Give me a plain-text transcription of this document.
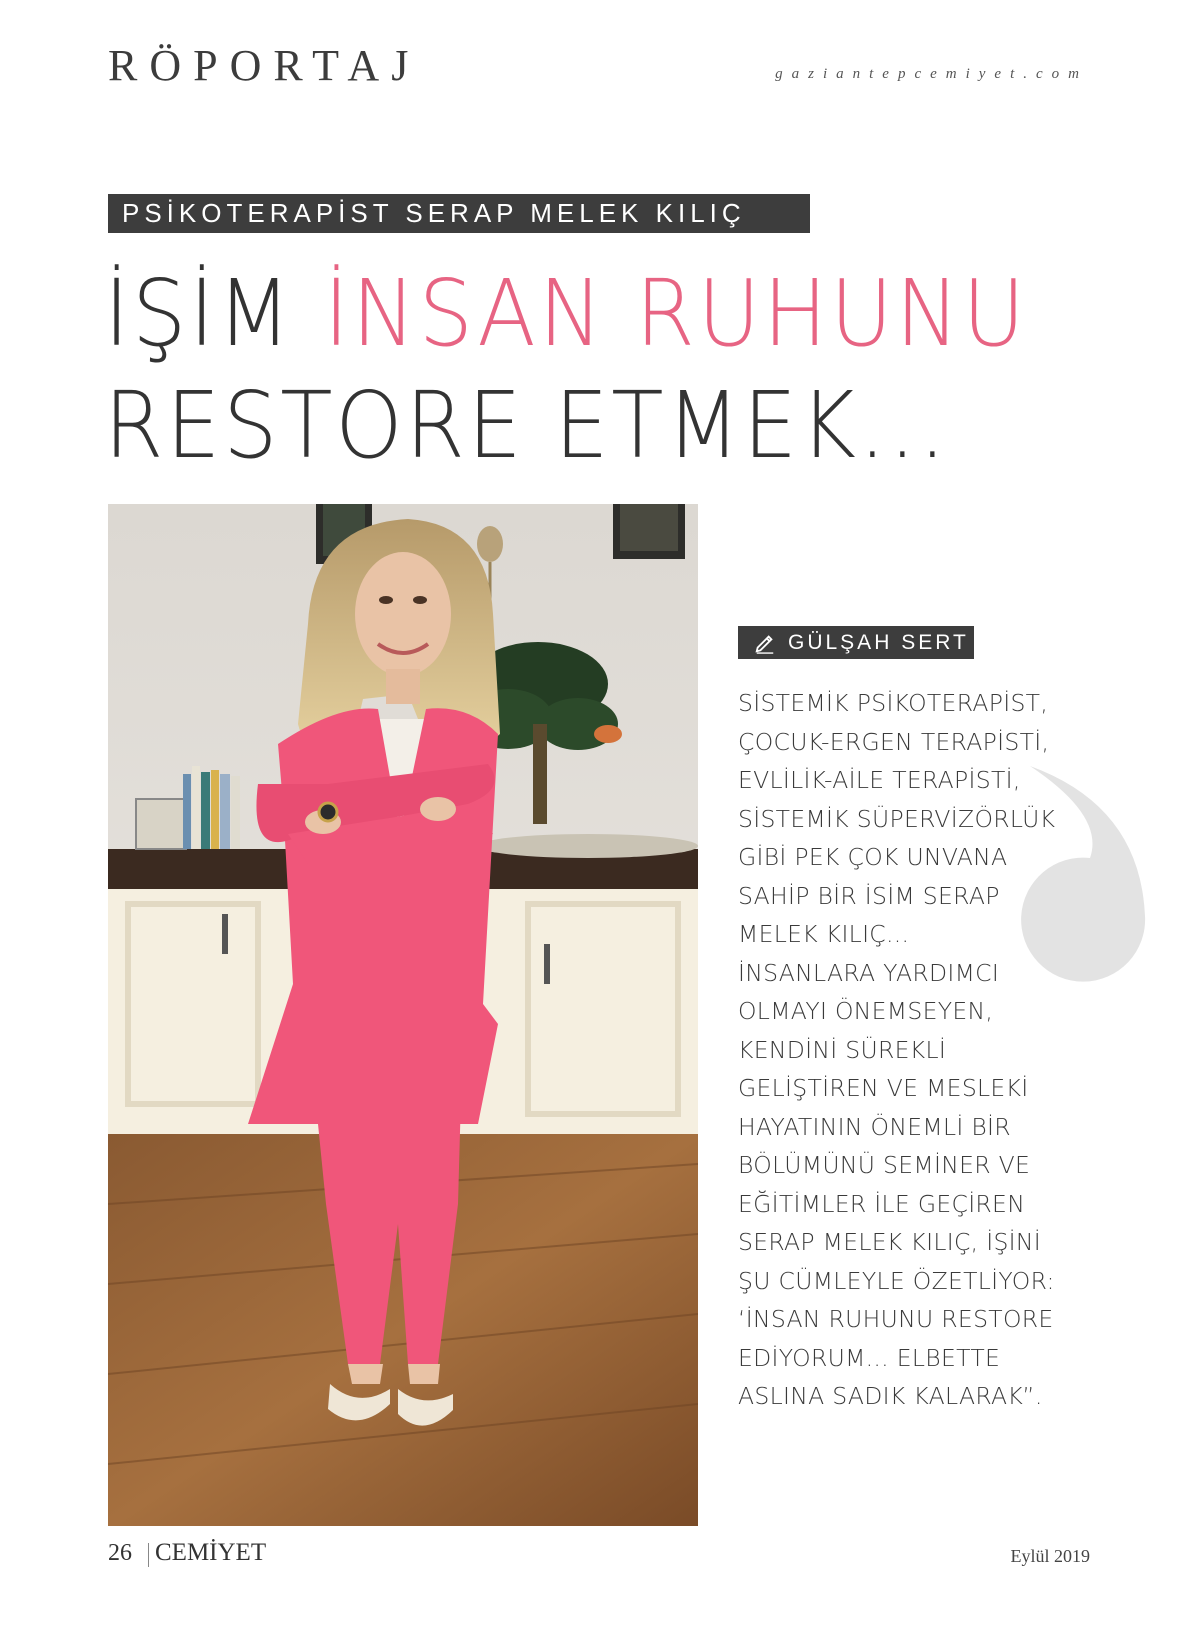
RÖPORTAJ	gaziantepcemiyet.com
PSİKOTERAPİST SERAP MELEK KILIÇ
İŞİM İNSAN RUHUNU
RESTORE ETMEK...
GÜLŞAH SERT
SİSTEMİK PSİKOTERAPİST,
ÇOCUK-ERGEN TERAPİSTİ,
EVLİLİK-AİLE TERAPİSTİ,
SİSTEMİK SÜPERVİZÖRLÜK
GİBİ PEK ÇOK UNVANA
SAHİP BİR İSİM SERAP
MELEK KILIÇ...
İNSANLARA YARDIMCI
OLMAYI ÖNEMSEYEN,
KENDİNİ SÜREKLİ
GELİŞTİREN VE MESLEKİ
HAYATININ ÖNEMLİ BİR
BÖLÜMÜNÜ SEMİNER VE
EĞİTİMLER İLE GEÇİREN
SERAP MELEK KILIÇ, İŞİNİ
ŞU CÜMLEYLE ÖZETLİYOR:
‘İNSAN RUHUNU RESTORE
EDİYORUM... ELBETTE
ASLINA SADIK KALARAK”.
26 CEMİYET	Eylül 2019
